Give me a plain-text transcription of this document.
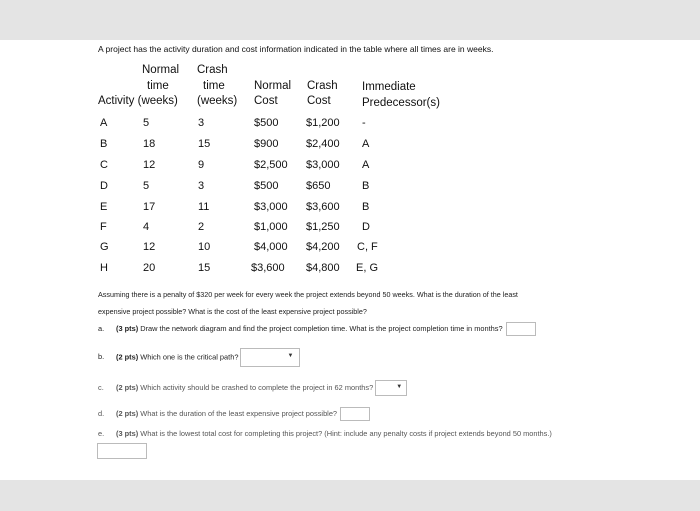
A project has the activity duration and cost information indicated in the table where all times are in weeks.
Normal Crash
time	time	Normal Crash Immediate
Activity (weeks) (weeks) Cost	Cost	Predecessor(s)
A	5	3	$500	$1,200 -
B	18	15	$900	$2,400 A
C	12	9	$2,500 $3,000 A
D	5	3	$500	$650	B
E	17	11	$3,000 $3,600 B
F	4	2	$1,000 $1,250 D
G	12	10	$4,000 $4,200 C, F
H	20	15	$3,600 $4,800 E, G
Assuming there is a penalty of $320 per week for every week the project extends beyond 50 weeks. What is the duration of the least
expensive project possible? What is the cost of the least expensive project possible?
a. (3 pts) Draw the network diagram and find the project completion time. What is the project completion time in months?
b. (2 pts) Which one is the critical path?	▼
c. (2 pts) Which activity should be crashed to complete the project in 62 months?	▼
d. (2 pts) What is the duration of the least expensive project possible?
e. (3 pts) What is the lowest total cost for completing this project? (Hint: include any penalty costs if project extends beyond 50 months.)
